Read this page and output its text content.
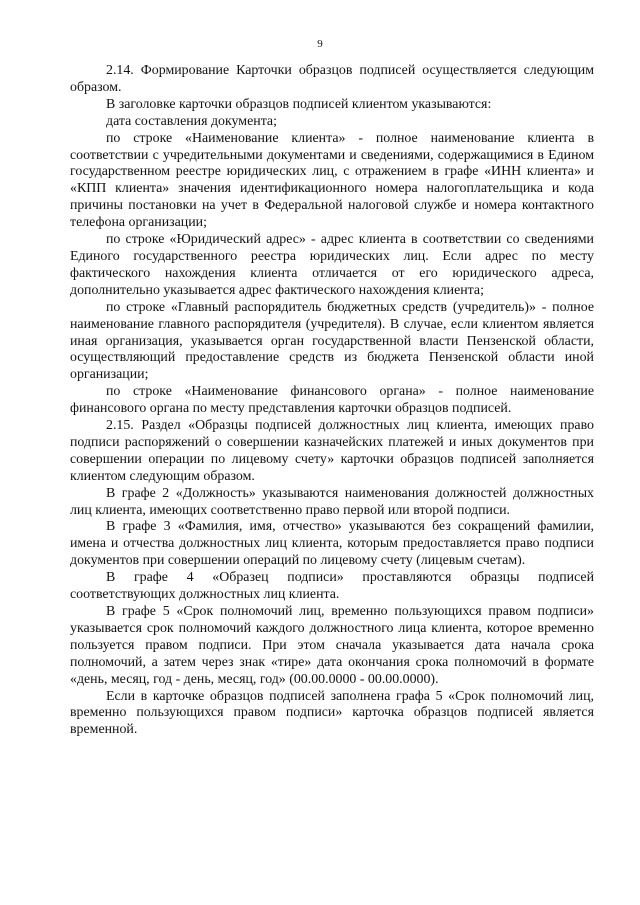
9

2.14. Формирование Карточки образцов подписей осуществляется следующим образом.

В заголовке карточки образцов подписей клиентом указываются:

дата составления документа;

по строке «Наименование клиента» - полное наименование клиента в соответствии с учредительными документами и сведениями, содержащимися в Едином государственном реестре юридических лиц, с отражением в графе «ИНН клиента» и «КПП клиента» значения идентификационного номера налогоплательщика и кода причины постановки на учет в Федеральной налоговой службе и номера контактного телефона организации;

по строке «Юридический адрес» - адрес клиента в соответствии со сведениями Единого государственного реестра юридических лиц. Если адрес по месту фактического нахождения клиента отличается от его юридического адреса, дополнительно указывается адрес фактического нахождения клиента;

по строке «Главный распорядитель бюджетных средств (учредитель)» - полное наименование главного распорядителя (учредителя). В случае, если клиентом является иная организация, указывается орган государственной власти Пензенской области, осуществляющий предоставление средств из бюджета Пензенской области иной организации;

по строке «Наименование финансового органа» - полное наименование финансового органа по месту представления карточки образцов подписей.

2.15. Раздел «Образцы подписей должностных лиц клиента, имеющих право подписи распоряжений о совершении казначейских платежей и иных документов при совершении операции по лицевому счету» карточки образцов подписей заполняется клиентом следующим образом.

В графе 2 «Должность» указываются наименования должностей должностных лиц клиента, имеющих соответственно право первой или второй подписи.

В графе 3 «Фамилия, имя, отчество» указываются без сокращений фамилии, имена и отчества должностных лиц клиента, которым предоставляется право подписи документов при совершении операций по лицевому счету (лицевым счетам).

В графе 4 «Образец подписи» проставляются образцы подписей соответствующих должностных лиц клиента.

В графе 5 «Срок полномочий лиц, временно пользующихся правом подписи» указывается срок полномочий каждого должностного лица клиента, которое временно пользуется правом подписи. При этом сначала указывается дата начала срока полномочий, а затем через знак «тире» дата окончания срока полномочий в формате «день, месяц, год - день, месяц, год» (00.00.0000 - 00.00.0000).

Если в карточке образцов подписей заполнена графа 5 «Срок полномочий лиц, временно пользующихся правом подписи» карточка образцов подписей является временной.
